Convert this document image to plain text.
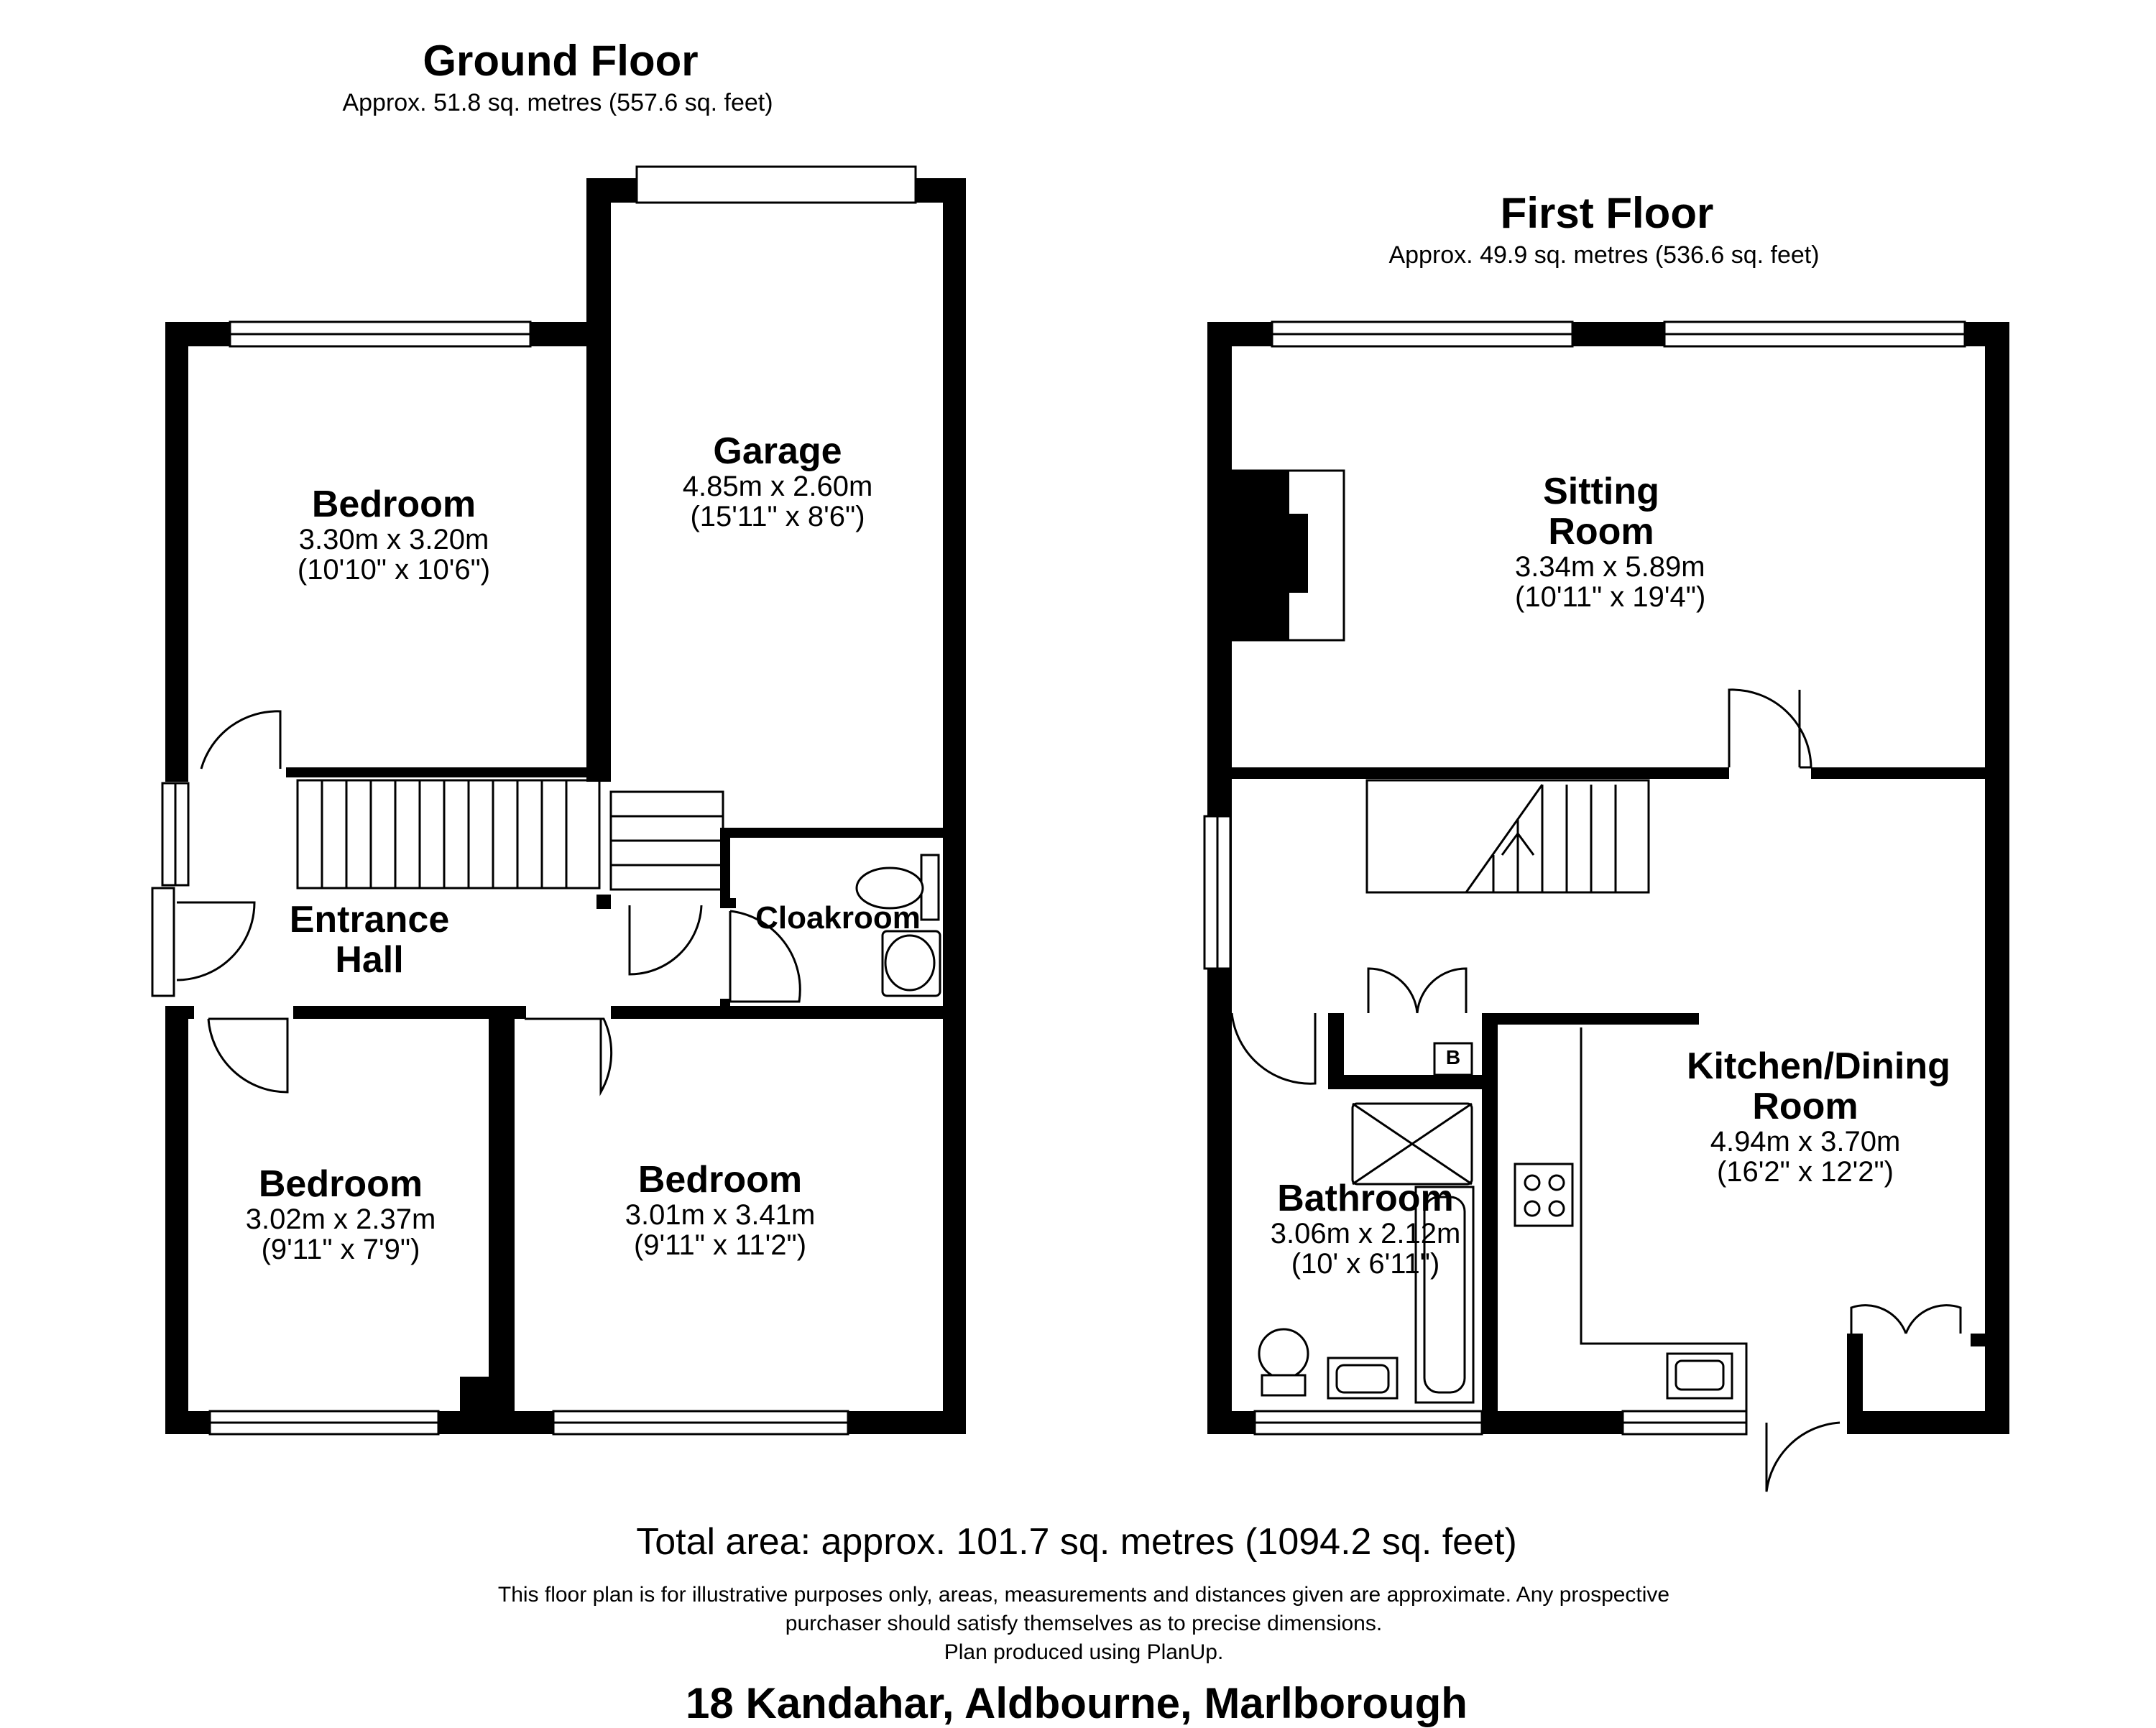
Ground Floor
Approx. 51.8 sq. metres (557.6 sq. feet)
First Floor
Approx. 49.9 sq. metres (536.6 sq. feet)
Bedroom
3.30m x 3.20m
(10'10" x 10'6")
Garage
4.85m x 2.60m
(15'11" x 8'6")
Entrance Hall
Cloakroom
Bedroom
3.02m x 2.37m
(9'11" x 7'9")
Bedroom
3.01m x 3.41m
(9'11" x 11'2")
Sitting Room
3.34m x 5.89m
(10'11" x 19'4")
Kitchen/Dining Room
4.94m x 3.70m
(16'2" x 12'2")
Bathroom
3.06m x 2.12m
(10' x 6'11")
B
Total area: approx. 101.7 sq. metres (1094.2 sq. feet)
This floor plan is for illustrative purposes only, areas, measurements and distances given are approximate. Any prospective
purchaser should satisfy themselves as to precise dimensions.
Plan produced using PlanUp.
18 Kandahar, Aldbourne, Marlborough
